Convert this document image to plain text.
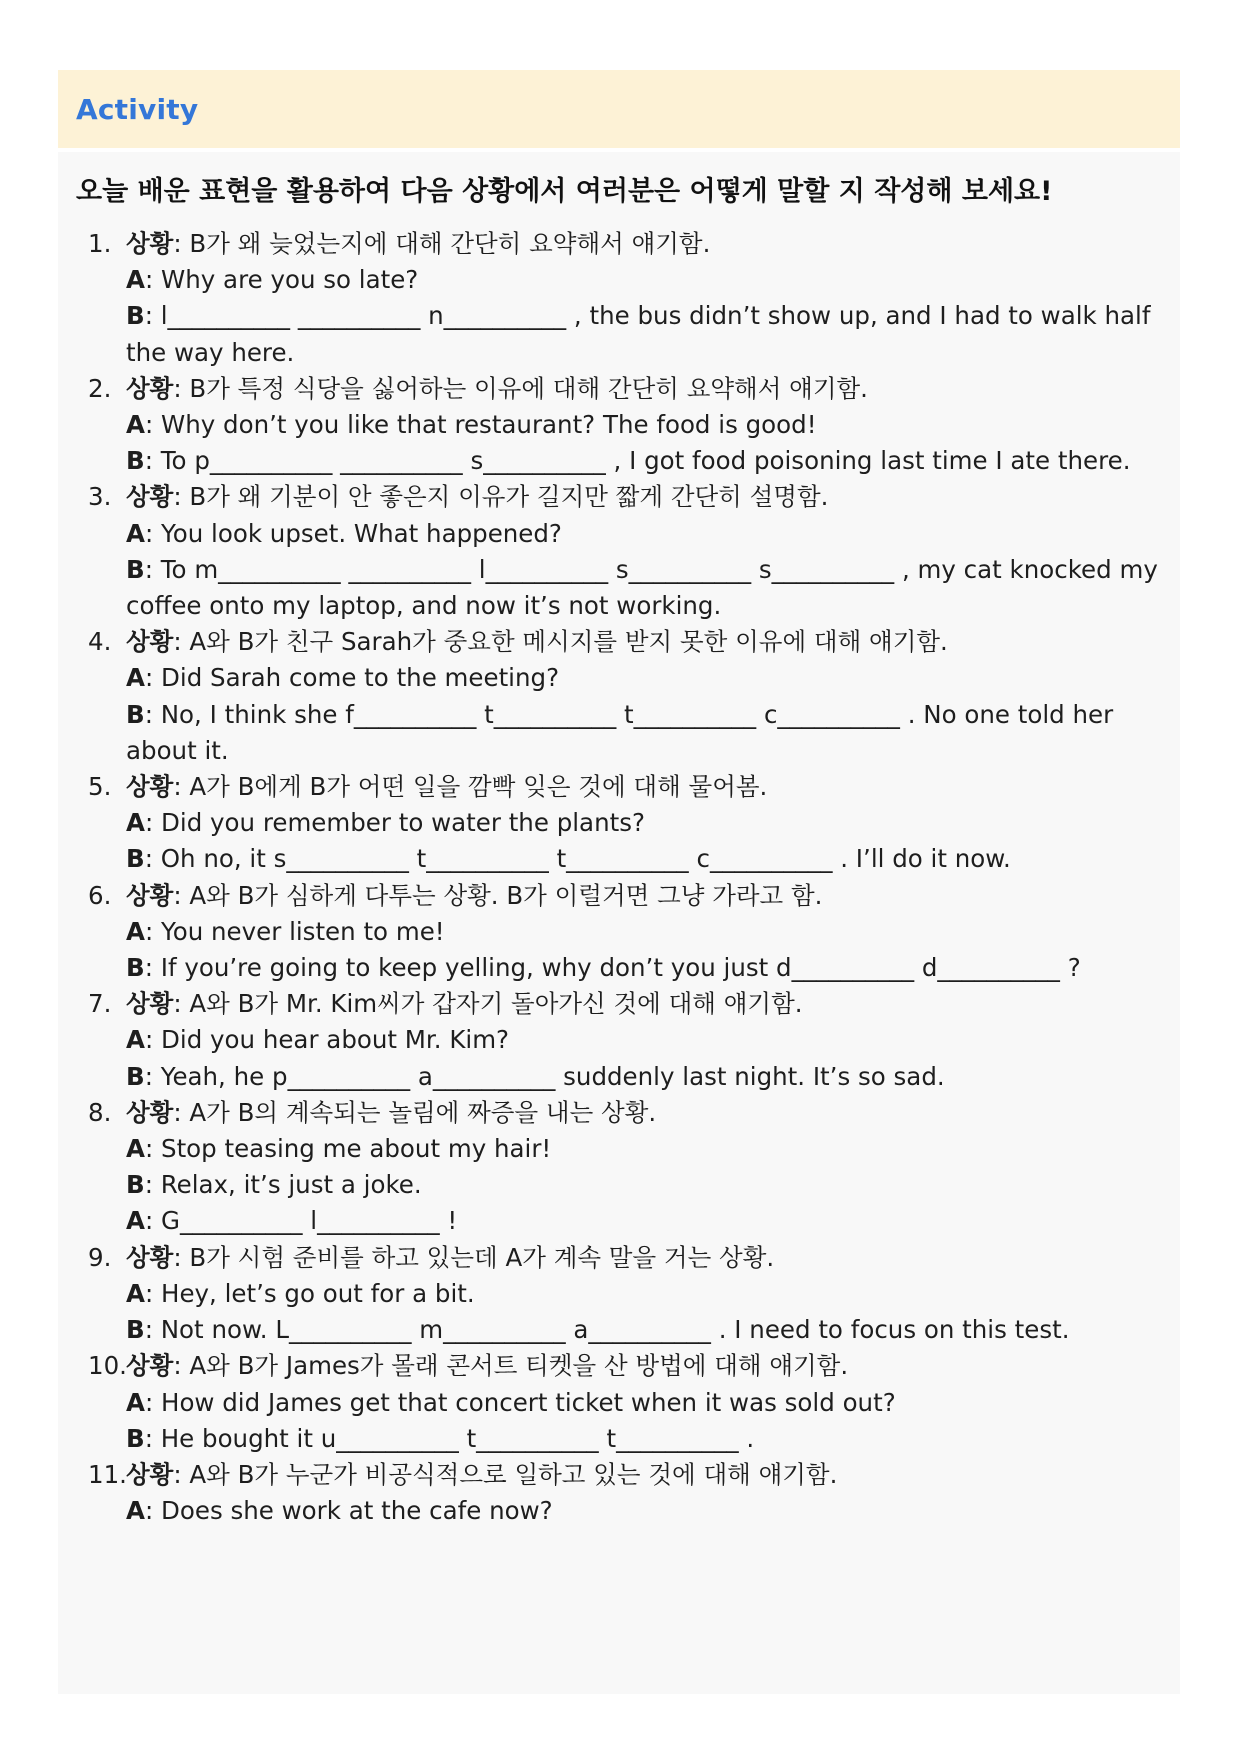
Activity
오늘 배운 표현을 활용하여 다음 상황에서 여러분은 어떻게 말할 지 작성해 보세요!
1. 상황: B가 왜 늦었는지에 대해 간단히 요약해서 얘기함.
A: Why are you so late?
B: l__________ __________ n__________ , the bus didn’t show up, and I had to walk half the way here.
2. 상황: B가 특정 식당을 싫어하는 이유에 대해 간단히 요약해서 얘기함.
A: Why don’t you like that restaurant? The food is good!
B: To p__________ __________ s__________ , I got food poisoning last time I ate there.
3. 상황: B가 왜 기분이 안 좋은지 이유가 길지만 짧게 간단히 설명함.
A: You look upset. What happened?
B: To m__________ __________ l__________ s__________ s__________ , my cat knocked my coffee onto my laptop, and now it’s not working.
4. 상황: A와 B가 친구 Sarah가 중요한 메시지를 받지 못한 이유에 대해 얘기함.
A: Did Sarah come to the meeting?
B: No, I think she f__________ t__________ t__________ c__________ . No one told her about it.
5. 상황: A가 B에게 B가 어떤 일을 깜빡 잊은 것에 대해 물어봄.
A: Did you remember to water the plants?
B: Oh no, it s__________ t__________ t__________ c__________ . I’ll do it now.
6. 상황: A와 B가 심하게 다투는 상황. B가 이럴거면 그냥 가라고 함.
A: You never listen to me!
B: If you’re going to keep yelling, why don’t you just d__________ d__________ ?
7. 상황: A와 B가 Mr. Kim씨가 갑자기 돌아가신 것에 대해 얘기함.
A: Did you hear about Mr. Kim?
B: Yeah, he p__________ a__________ suddenly last night. It’s so sad.
8. 상황: A가 B의 계속되는 놀림에 짜증을 내는 상황.
A: Stop teasing me about my hair!
B: Relax, it’s just a joke.
A: G__________ l__________ !
9. 상황: B가 시험 준비를 하고 있는데 A가 계속 말을 거는 상황.
A: Hey, let’s go out for a bit.
B: Not now. L__________ m__________ a__________ . I need to focus on this test.
10. 상황: A와 B가 James가 몰래 콘서트 티켓을 산 방법에 대해 얘기함.
A: How did James get that concert ticket when it was sold out?
B: He bought it u__________ t__________ t__________ .
11. 상황: A와 B가 누군가 비공식적으로 일하고 있는 것에 대해 얘기함.
A: Does she work at the cafe now?
